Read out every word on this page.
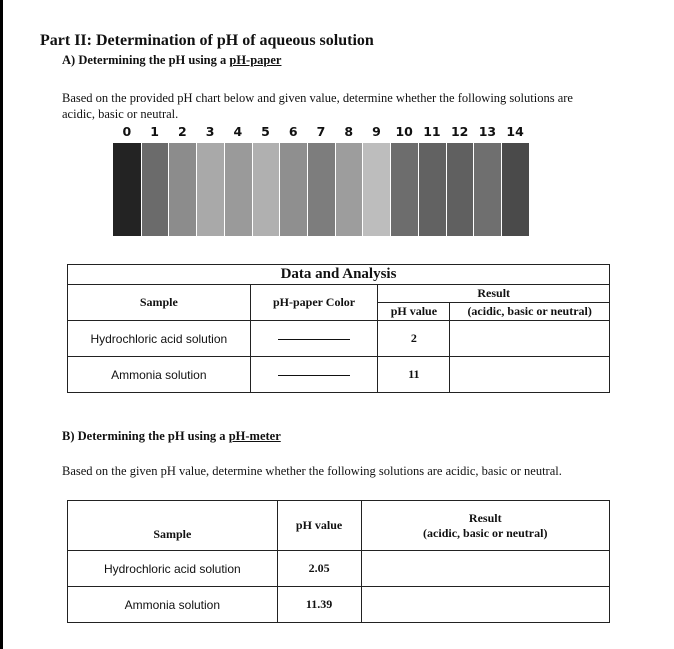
Part II: Determination of pH of aqueous solution
A) Determining the pH using a pH-paper
Based on the provided pH chart below and given value, determine whether the following solutions are
acidic, basic or neutral.
0 1 2 3 4 5 6 7 8 9 10 11 12 13 14
Data and Analysis			
Sample	pH-paper Color	Result	
		pH value	(acidic, basic or neutral)
Hydrochloric acid solution		2	
Ammonia solution		11	
B) Determining the pH using a pH-meter
Based on the given pH value, determine whether the following solutions are acidic, basic or neutral.
Sample	pH value	Result
(acidic, basic or neutral)

Hydrochloric acid solution	2.05	
Ammonia solution	11.39	
